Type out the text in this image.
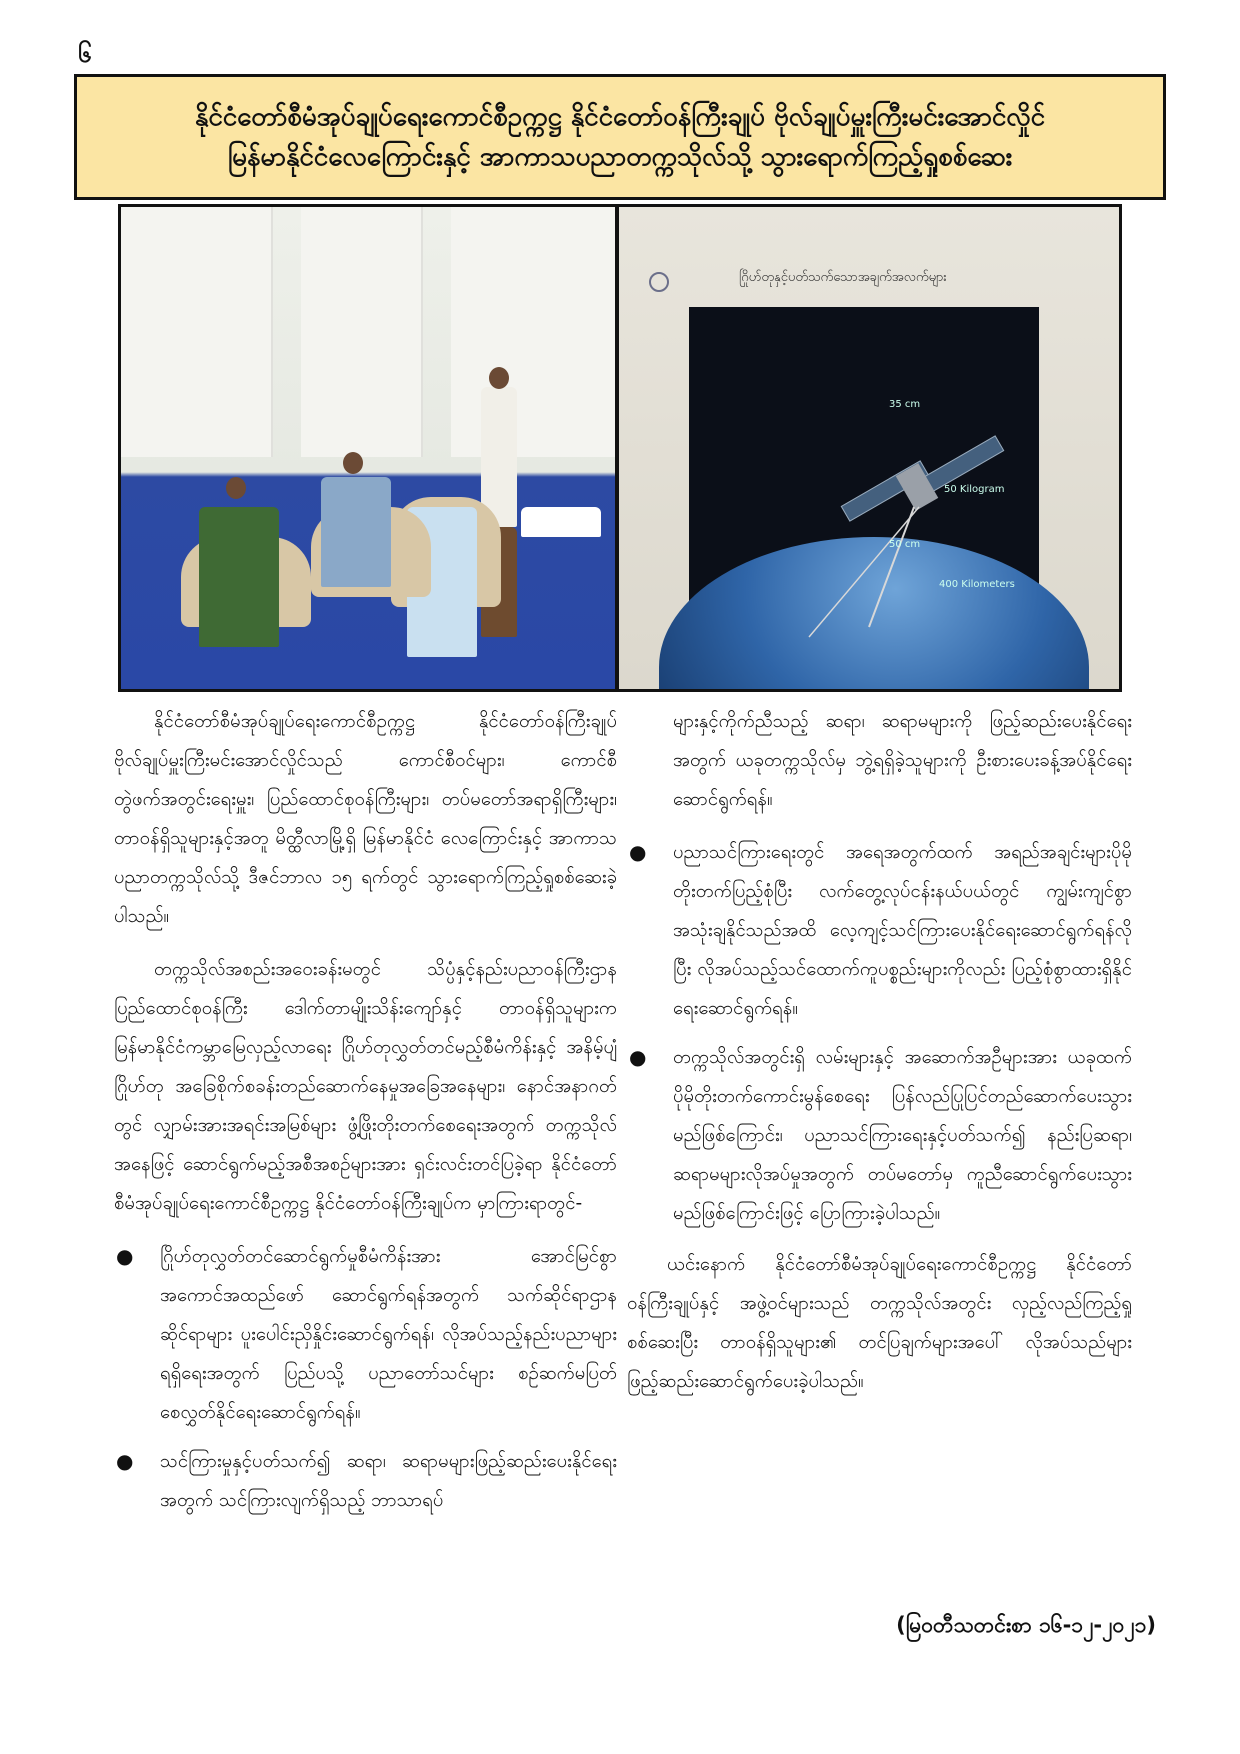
၆
နိုင်ငံတော်စီမံအုပ်ချုပ်ရေးကောင်စီဥက္ကဋ္ဌ နိုင်ငံတော်ဝန်ကြီးချုပ် ဗိုလ်ချုပ်မှူးကြီးမင်းအောင်လှိုင်
မြန်မာနိုင်ငံလေကြောင်းနှင့် အာကာသပညာတက္ကသိုလ်သို့ သွားရောက်ကြည့်ရှုစစ်ဆေး
35 cm
50 Kilogram
50 cm
400 Kilometers
ဂြိုဟ်တုနှင့်ပတ်သက်သောအချက်အလက်များ

နိုင်ငံတော်စီမံအုပ်ချုပ်ရေးကောင်စီဥက္ကဋ္ဌ နိုင်ငံတော်ဝန်ကြီးချုပ် ဗိုလ်ချုပ်မှူးကြီးမင်းအောင်လှိုင်သည် ကောင်စီဝင်များ၊ ကောင်စီတွဲဖက်အတွင်းရေးမှူး၊ ပြည်ထောင်စုဝန်ကြီးများ၊ တပ်မတော်အရာရှိကြီးများ၊ တာဝန်ရှိသူများနှင့်အတူ မိတ္ထီလာမြို့ရှိ မြန်မာနိုင်ငံ လေကြောင်းနှင့် အာကာသပညာတက္ကသိုလ်သို့ ဒီဇင်ဘာလ ၁၅ ရက်တွင် သွားရောက်ကြည့်ရှုစစ်ဆေးခဲ့ပါသည်။

တက္ကသိုလ်အစည်းအဝေးခန်းမတွင် သိပ္ပံနှင့်နည်းပညာဝန်ကြီးဌာန ပြည်ထောင်စုဝန်ကြီး ဒေါက်တာမျိုးသိန်းကျော်နှင့် တာဝန်ရှိသူများက မြန်မာနိုင်ငံကမ္ဘာမြေလှည့်လာရေး ဂြိုဟ်တုလွှတ်တင်မည့်စီမံကိန်းနှင့် အနိမ့်ပျံဂြိုဟ်တု အခြေစိုက်စခန်းတည်ဆောက်နေမှုအခြေအနေများ၊ နောင်အနာဂတ်တွင် လျှာမ်းအားအရင်းအမြစ်များ ဖွံ့ဖြိုးတိုးတက်စေရေးအတွက် တက္ကသိုလ်အနေဖြင့် ဆောင်ရွက်မည့်အစီအစဉ်များအား ရှင်းလင်းတင်ပြခဲ့ရာ နိုင်ငံတော်စီမံအုပ်ချုပ်ရေးကောင်စီဥက္ကဋ္ဌ နိုင်ငံတော်ဝန်ကြီးချုပ်က မှာကြားရာတွင်-

● ဂြိုဟ်တုလွှတ်တင်ဆောင်ရွက်မှုစီမံကိန်းအား အောင်မြင်စွာအကောင်အထည်ဖော် ဆောင်ရွက်ရန်အတွက် သက်ဆိုင်ရာဌာနဆိုင်ရာများ ပူးပေါင်းညှိနှိုင်းဆောင်ရွက်ရန်၊ လိုအပ်သည့်နည်းပညာများရရှိရေးအတွက် ပြည်ပသို့ ပညာတော်သင်များ စဉ်ဆက်မပြတ်စေလွှတ်နိုင်ရေးဆောင်ရွက်ရန်။
● သင်ကြားမှုနှင့်ပတ်သက်၍ ဆရာ၊ ဆရာမများဖြည့်ဆည်းပေးနိုင်ရေးအတွက် သင်ကြားလျက်ရှိသည့် ဘာသာရပ်

များနှင့်ကိုက်ညီသည့် ဆရာ၊ ဆရာမများကို ဖြည့်ဆည်းပေးနိုင်ရေးအတွက် ယခုတက္ကသိုလ်မှ ဘွဲ့ရရှိခဲ့သူများကို ဦးစားပေးခန့်အပ်နိုင်ရေး ဆောင်ရွက်ရန်။

● ပညာသင်ကြားရေးတွင် အရေအတွက်ထက် အရည်အချင်းများပိုမိုတိုးတက်ပြည့်စုံပြီး လက်တွေ့လုပ်ငန်းနယ်ပယ်တွင် ကျွမ်းကျင်စွာအသုံးချနိုင်သည်အထိ လေ့ကျင့်သင်ကြားပေးနိုင်ရေးဆောင်ရွက်ရန်လိုပြီး လိုအပ်သည့်သင်ထောက်ကူပစ္စည်းများကိုလည်း ပြည့်စုံစွာထားရှိနိုင်ရေးဆောင်ရွက်ရန်။
● တက္ကသိုလ်အတွင်းရှိ လမ်းများနှင့် အဆောက်အဦများအား ယခုထက်ပိုမိုတိုးတက်ကောင်းမွန်စေရေး ပြန်လည်ပြုပြင်တည်ဆောက်ပေးသွားမည်ဖြစ်ကြောင်း၊ ပညာသင်ကြားရေးနှင့်ပတ်သက်၍ နည်းပြဆရာ၊ ဆရာမများလိုအပ်မှုအတွက် တပ်မတော်မှ ကူညီဆောင်ရွက်ပေးသွားမည်ဖြစ်ကြောင်းဖြင့် ပြောကြားခဲ့ပါသည်။

ယင်းနောက် နိုင်ငံတော်စီမံအုပ်ချုပ်ရေးကောင်စီဥက္ကဋ္ဌ နိုင်ငံတော်ဝန်ကြီးချုပ်နှင့် အဖွဲ့ဝင်များသည် တက္ကသိုလ်အတွင်း လှည့်လည်ကြည့်ရှုစစ်ဆေးပြီး တာဝန်ရှိသူများ၏ တင်ပြချက်များအပေါ် လိုအပ်သည်များဖြည့်ဆည်းဆောင်ရွက်ပေးခဲ့ပါသည်။

(မြဝတီသတင်းစာ ၁၆-၁၂-၂၀၂၁)
